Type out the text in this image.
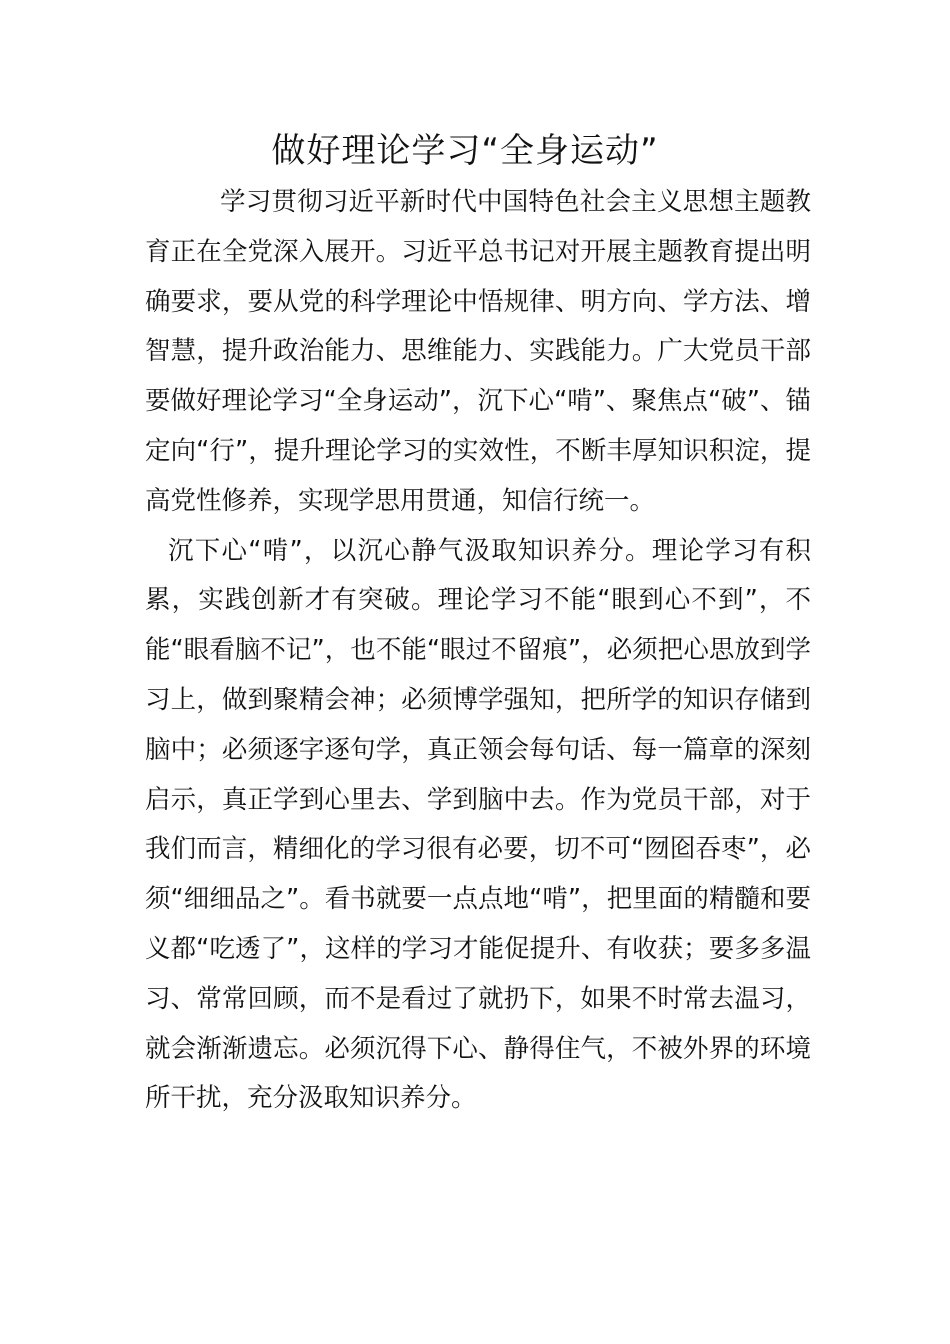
做好理论学习“全身运动”

学习贯彻习近平新时代中国特色社会主义思想主题教育正在全党深入展开。习近平总书记对开展主题教育提出明确要求，要从党的科学理论中悟规律、明方向、学方法、增智慧，提升政治能力、思维能力、实践能力。广大党员干部要做好理论学习“全身运动”，沉下心“啃”、聚焦点“破”、锚定向“行”，提升理论学习的实效性，不断丰厚知识积淀，提高党性修养，实现学思用贯通，知信行统一。

沉下心“啃”，以沉心静气汲取知识养分。理论学习有积累，实践创新才有突破。理论学习不能“眼到心不到”，不能“眼看脑不记”，也不能“眼过不留痕”，必须把心思放到学习上，做到聚精会神；必须博学强知，把所学的知识存储到脑中；必须逐字逐句学，真正领会每句话、每一篇章的深刻启示，真正学到心里去、学到脑中去。作为党员干部，对于我们而言，精细化的学习很有必要，切不可“囫囵吞枣”，必须“细细品之”。看书就要一点点地“啃”，把里面的精髓和要义都“吃透了”，这样的学习才能促提升、有收获；要多多温习、常常回顾，而不是看过了就扔下，如果不时常去温习，就会渐渐遗忘。必须沉得下心、静得住气，不被外界的环境所干扰，充分汲取知识养分。
